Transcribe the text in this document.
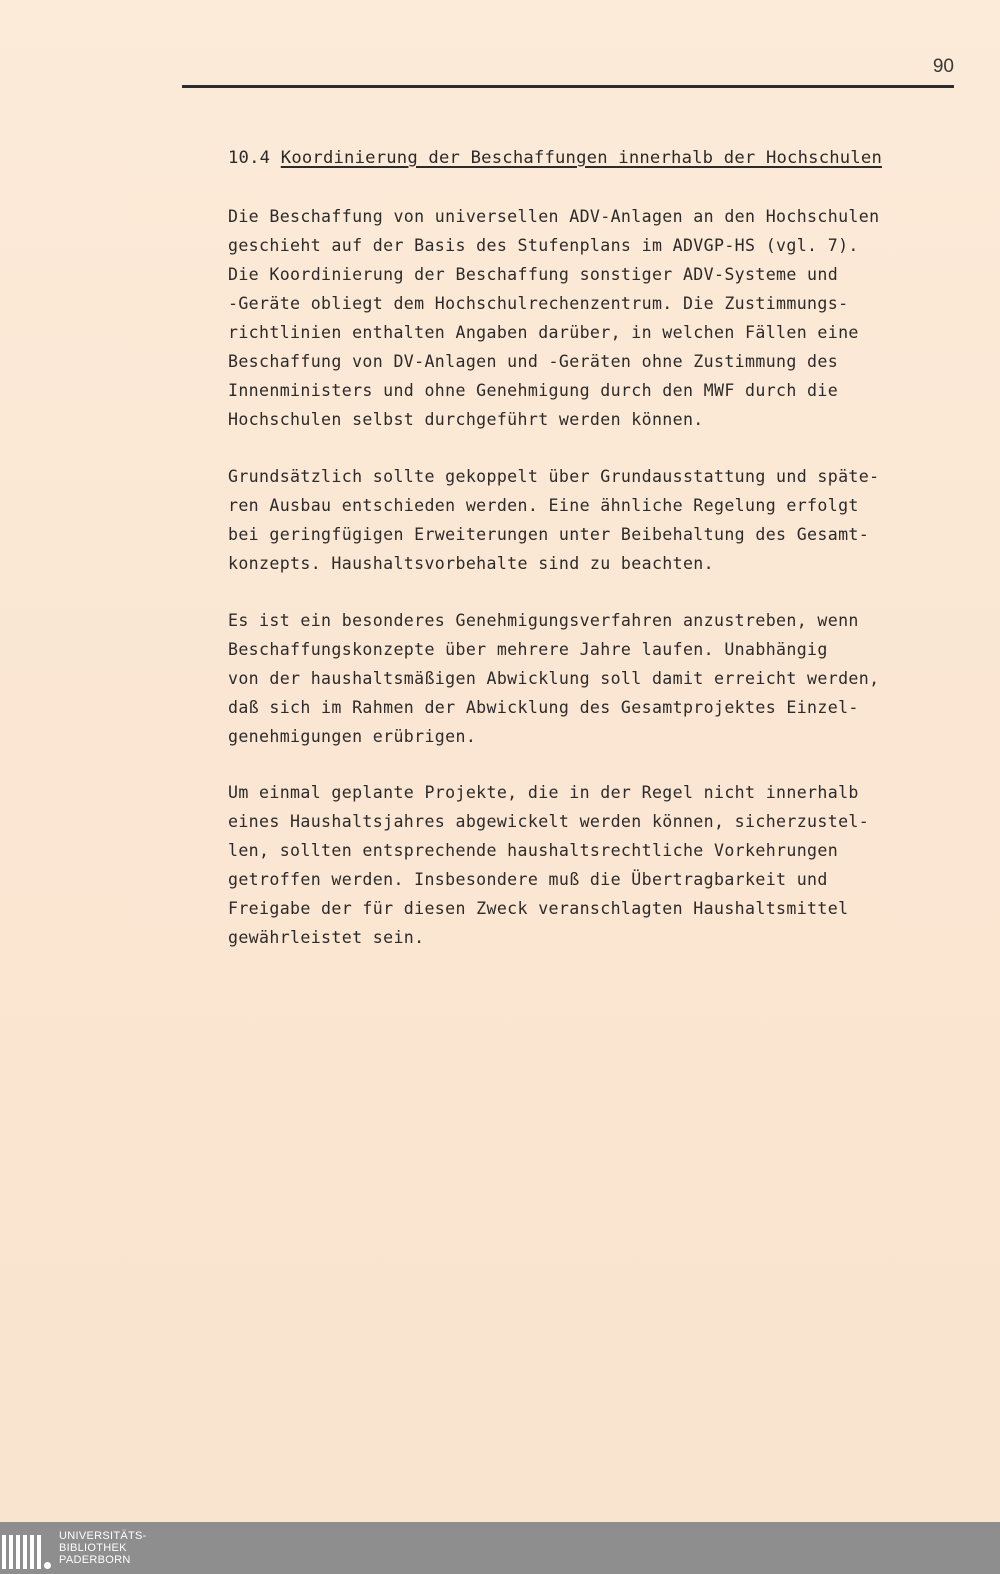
90
10.4 Koordinierung der Beschaffungen innerhalb der Hochschulen
Die Beschaffung von universellen ADV-Anlagen an den Hochschulen
geschieht auf der Basis des Stufenplans im ADVGP-HS (vgl. 7).
Die Koordinierung der Beschaffung sonstiger ADV-Systeme und
-Geräte obliegt dem Hochschulrechenzentrum. Die Zustimmungs-
richtlinien enthalten Angaben darüber, in welchen Fällen eine
Beschaffung von DV-Anlagen und -Geräten ohne Zustimmung des
Innenministers und ohne Genehmigung durch den MWF durch die
Hochschulen selbst durchgeführt werden können.
Grundsätzlich sollte gekoppelt über Grundausstattung und späte-
ren Ausbau entschieden werden. Eine ähnliche Regelung erfolgt
bei geringfügigen Erweiterungen unter Beibehaltung des Gesamt-
konzepts. Haushaltsvorbehalte sind zu beachten.
Es ist ein besonderes Genehmigungsverfahren anzustreben, wenn
Beschaffungskonzepte über mehrere Jahre laufen. Unabhängig
von der haushaltsmäßigen Abwicklung soll damit erreicht werden,
daß sich im Rahmen der Abwicklung des Gesamtprojektes Einzel-
genehmigungen erübrigen.
Um einmal geplante Projekte, die in der Regel nicht innerhalb
eines Haushaltsjahres abgewickelt werden können, sicherzustel-
len, sollten entsprechende haushaltsrechtliche Vorkehrungen
getroffen werden. Insbesondere muß die Übertragbarkeit und
Freigabe der für diesen Zweck veranschlagten Haushaltsmittel
gewährleistet sein.
UNIVERSITÄTS-
BIBLIOTHEK
PADERBORN
